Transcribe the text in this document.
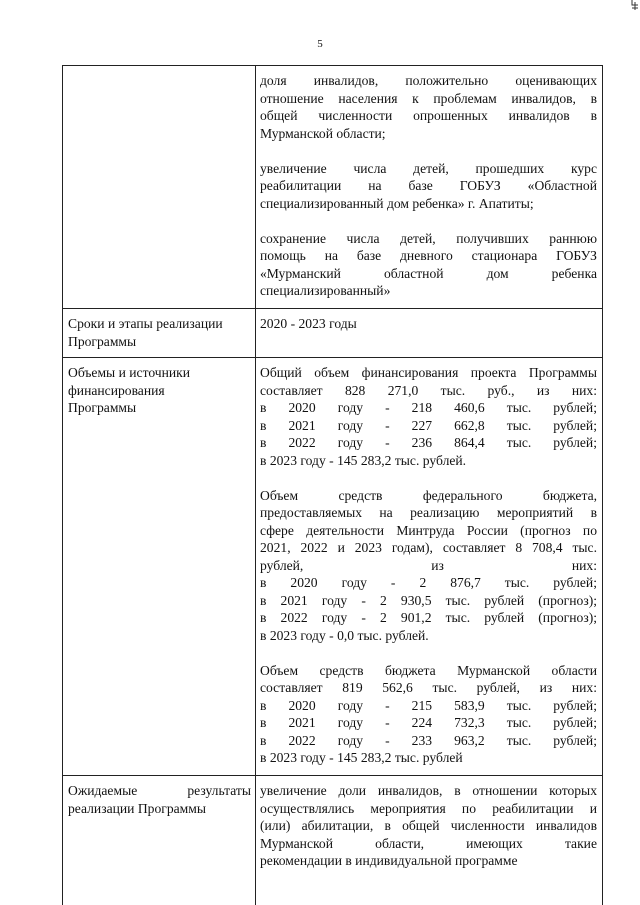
5
доля инвалидов, положительно оценивающих
отношение населения к проблемам инвалидов, в
общей численности опрошенных инвалидов в
Мурманской области;
увеличение числа детей, прошедших курс
реабилитации на базе ГОБУЗ «Областной
специализированный дом ребенка» г. Апатиты;
сохранение числа детей, получивших раннюю
помощь на базе дневного стационара ГОБУЗ
«Мурманский областной дом ребенка
специализированный»
Сроки и этапы реализации
Программы
2020 - 2023 годы
Объемы и источники
финансирования
Программы
Общий объем финансирования проекта Программы
составляет 828 271,0 тыс. руб., из них:
в 2020 году - 218 460,6 тыс. рублей;
в 2021 году - 227 662,8 тыс. рублей;
в 2022 году - 236 864,4 тыс. рублей;
в 2023 году - 145 283,2 тыс. рублей.
Объем средств федерального бюджета,
предоставляемых на реализацию мероприятий в
сфере деятельности Минтруда России (прогноз по
2021, 2022 и 2023 годам), составляет 8 708,4 тыс.
рублей, из них:
в 2020 году - 2 876,7 тыс. рублей;
в 2021 году - 2 930,5 тыс. рублей (прогноз);
в 2022 году - 2 901,2 тыс. рублей (прогноз);
в 2023 году - 0,0 тыс. рублей.
Объем средств бюджета Мурманской области
составляет 819 562,6 тыс. рублей, из них:
в 2020 году - 215 583,9 тыс. рублей;
в 2021 году - 224 732,3 тыс. рублей;
в 2022 году - 233 963,2 тыс. рублей;
в 2023 году - 145 283,2 тыс. рублей
Ожидаемые результаты
реализации Программы
увеличение доли инвалидов, в отношении которых
осуществлялись мероприятия по реабилитации и
(или) абилитации, в общей численности инвалидов
Мурманской области, имеющих такие
рекомендации в индивидуальной программе
